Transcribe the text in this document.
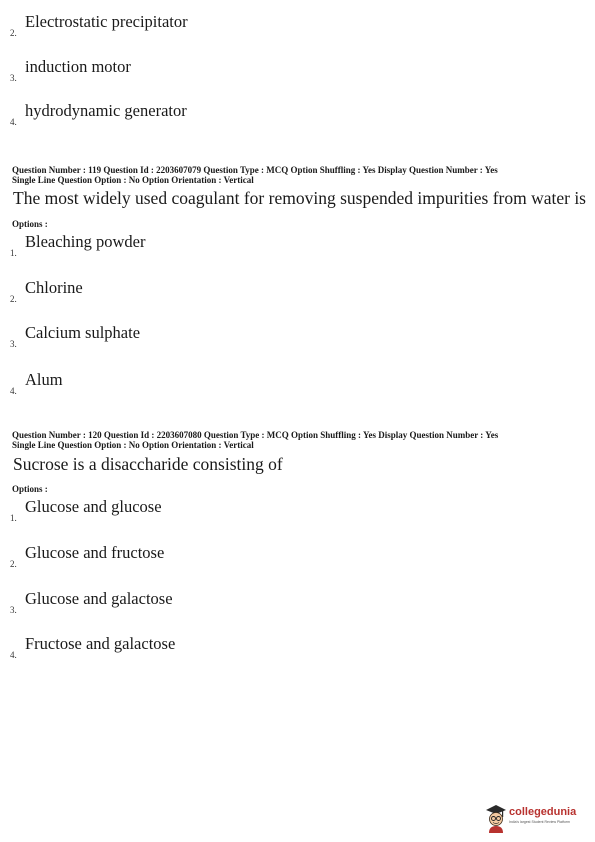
2.
Electrostatic precipitator
3.
induction motor
4.
hydrodynamic generator
Question Number : 119 Question Id : 2203607079 Question Type : MCQ Option Shuffling : Yes Display Question Number : Yes
Single Line Question Option : No Option Orientation : Vertical
The most widely used coagulant for removing suspended impurities from water is
Options :
1.
Bleaching powder
2.
Chlorine
3.
Calcium sulphate
4.
Alum
Question Number : 120 Question Id : 2203607080 Question Type : MCQ Option Shuffling : Yes Display Question Number : Yes
Single Line Question Option : No Option Orientation : Vertical
Sucrose is a disaccharide consisting of
Options :
1.
Glucose and glucose
2.
Glucose and fructose
3.
Glucose and galactose
4.
Fructose and galactose
collegedunia
India's largest Student Review Platform
